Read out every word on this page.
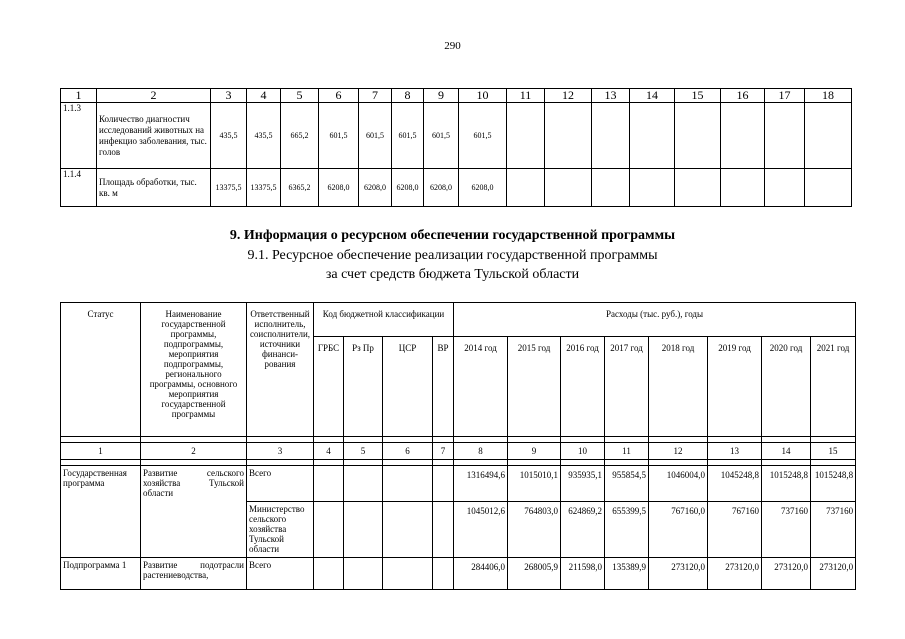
290
1	2	3	4	5	6	7	8	9	10	11	12	13	14	15	16	17	18
1.1.3	Количество диагностич исследований животных на инфекцио заболевания, тыс. голов	435,5	435,5	665,2	601,5	601,5	601,5	601,5	601,5								
1.1.4	Площадь обработки, тыс. кв. м	13375,5	13375,5	6365,2	6208,0	6208,0	6208,0	6208,0	6208,0								
9. Информация о ресурсном обеспечении государственной программы
9.1. Ресурсное обеспечение реализации государственной программы
за счет средств бюджета Тульской области
Статус	Наименование государственной программы, подпрограммы, мероприятия подпрограммы, регионального программы, основного мероприятия государственной программы	Ответственный исполнитель, соисполнители, источники финанси-рования	Код бюджетной классификации				Расходы (тыс. руб.), годы							
			ГРБС	Рз Пр	ЦСР	ВР	2014 год	2015 год	2016 год	2017 год	2018 год	2019 год	2020 год	2021 год

1	2	3	4	5	6	7	8	9	10	11	12	13	14	15

Государственная программа	Развитие сельского хозяйства Тульской области	Всего					1316494,6	1015010,1	935935,1	955854,5	1046004,0	1045248,8	1015248,8	1015248,8
		Министерство сельского хозяйства Тульской области					1045012,6	764803,0	624869,2	655399,5	767160,0	767160	737160	737160
Подпрограмма 1	Развитие подотрасли растениеводства,	Всего					284406,0	268005,9	211598,0	135389,9	273120,0	273120,0	273120,0	273120,0
